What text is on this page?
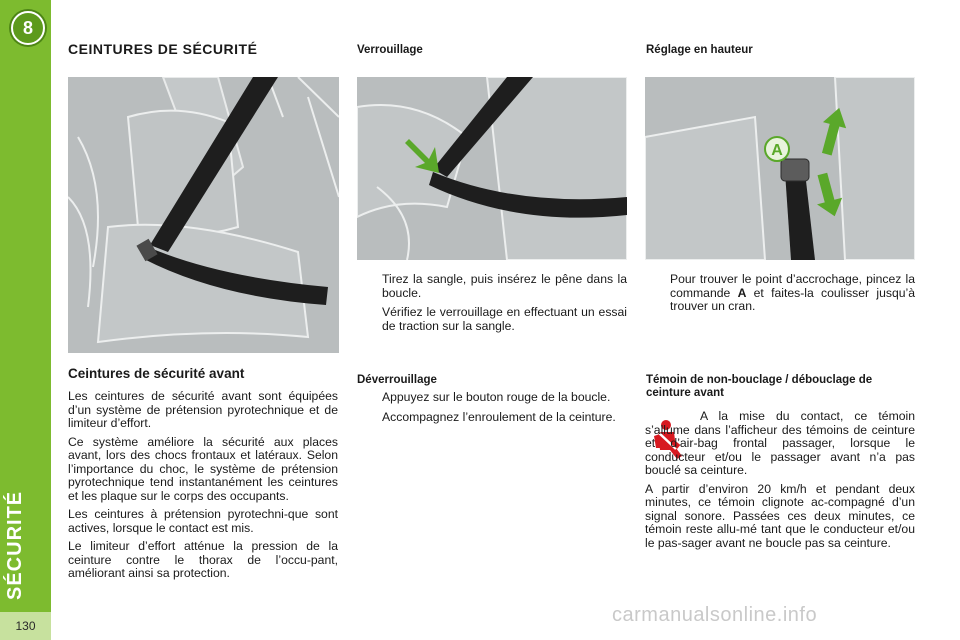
8
SÉCURITÉ
130
CEINTURES DE SÉCURITÉ	Verrouillage	Réglage en hauteur
A
Ceintures de sécurité avant

Les ceintures de sécurité avant sont équipées d’un système de prétension pyrotechnique et de limiteur d’effort.

Ce système améliore la sécurité aux places avant, lors des chocs frontaux et latéraux. Selon l’importance du choc, le système de prétension pyrotechnique tend instantanément les ceintures et les plaque sur le corps des occupants.

Les ceintures à prétension pyrotechni-que sont actives, lorsque le contact est mis.

Le limiteur d’effort atténue la pression de la ceinture contre le thorax de l’occu-pant, améliorant ainsi sa protection.

Tirez la sangle, puis insérez le pêne dans la boucle.
Vérifiez le verrouillage en effectuant un essai de traction sur la sangle.
Déverrouillage
Appuyez sur le bouton rouge de la boucle.
Accompagnez l’enroulement de la ceinture.
Pour trouver le point d’accrochage, pincez la commande A et faites-la coulisser jusqu’à trouver un cran.
Témoin de non-bouclage / débouclage de ceinture avant

A la mise du contact, ce témoin s’allume dans l’afficheur des témoins de ceinture et d’air-bag frontal passager, lorsque le conducteur et/ou le passager avant n’a pas bouclé sa ceinture.

A partir d’environ 20 km/h et pendant deux minutes, ce témoin clignote ac-compagné d’un signal sonore. Passées ces deux minutes, ce témoin reste allu-mé tant que le conducteur et/ou le pas-sager avant ne boucle pas sa ceinture.

carmanualsonline.info
